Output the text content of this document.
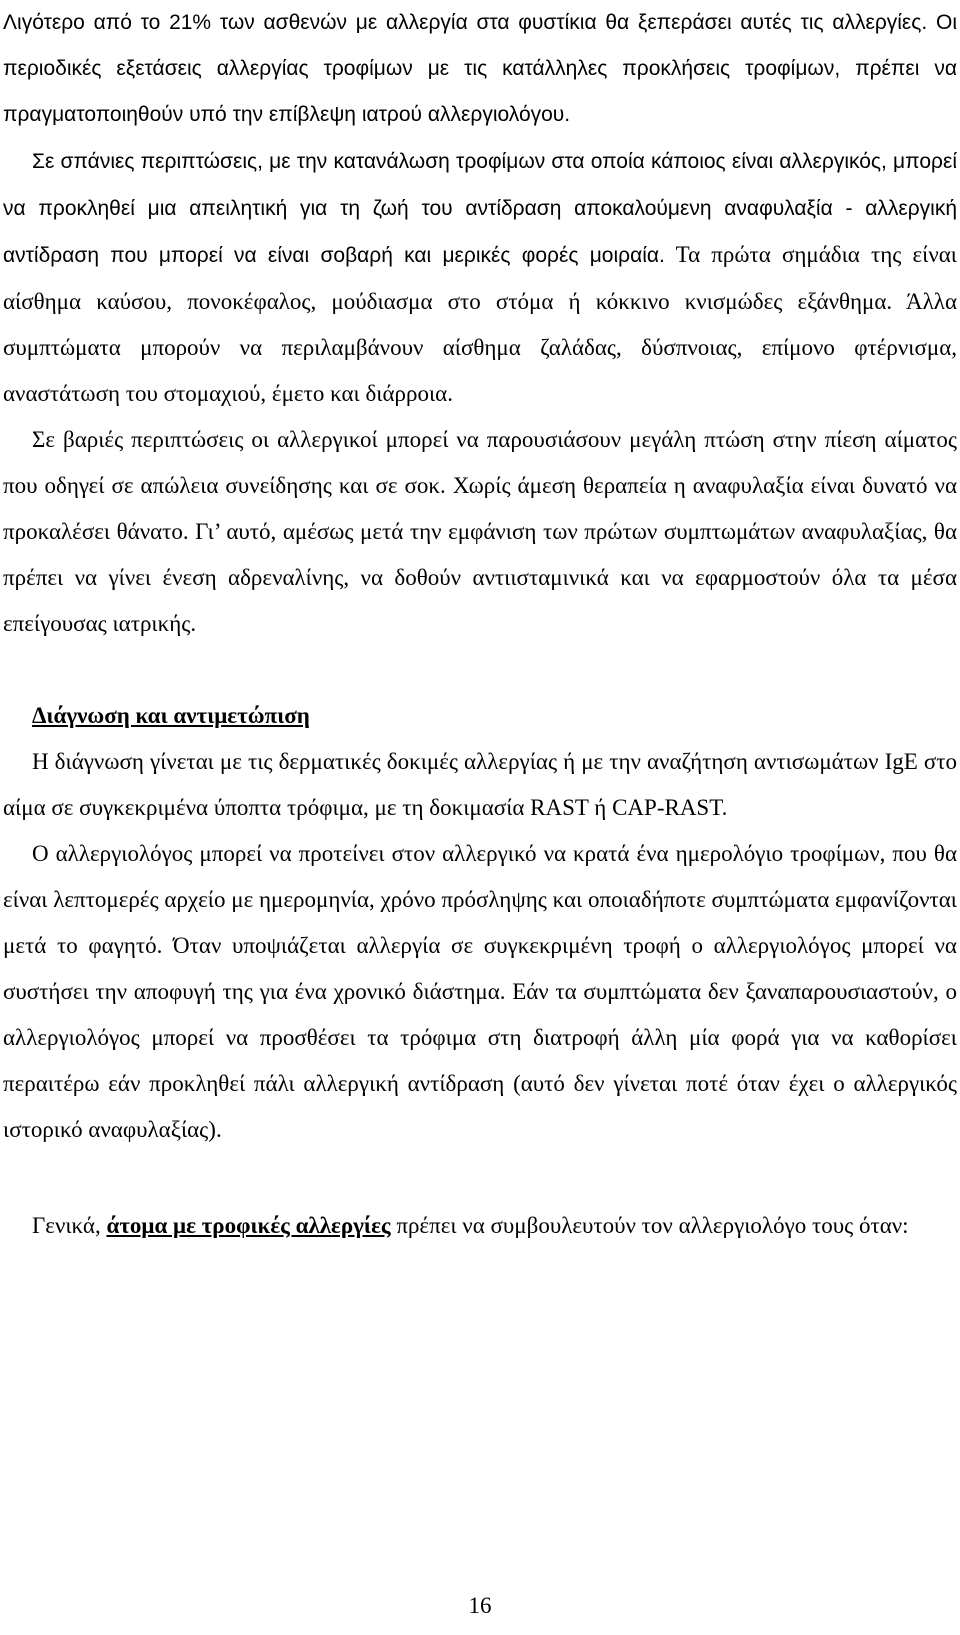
Λιγότερο από το 21% των ασθενών με αλλεργία στα φυστίκια θα ξεπεράσει αυτές τις αλλεργίες. Οι περιοδικές εξετάσεις αλλεργίας τροφίμων με τις κατάλληλες προκλήσεις τροφίμων, πρέπει να πραγματοποιηθούν υπό την επίβλεψη ιατρού αλλεργιολόγου.

Σε σπάνιες περιπτώσεις, με την κατανάλωση τροφίμων στα οποία κάποιος είναι αλλεργικός, μπορεί να προκληθεί μια απειλητική για τη ζωή του αντίδραση αποκαλούμενη αναφυλαξία - αλλεργική αντίδραση που μπορεί να είναι σοβαρή και μερικές φορές μοιραία. Τα πρώτα σημάδια της είναι αίσθημα καύσου, πονοκέφαλος, μούδιασμα στο στόμα ή κόκκινο κνισμώδες εξάνθημα. Άλλα συμπτώματα μπορούν να περιλαμβάνουν αίσθημα ζαλάδας, δύσπνοιας, επίμονο φτέρνισμα, αναστάτωση του στομαχιού, έμετο και διάρροια.

Σε βαριές περιπτώσεις οι αλλεργικοί μπορεί να παρουσιάσουν μεγάλη πτώση στην πίεση αίματος που οδηγεί σε απώλεια συνείδησης και σε σοκ. Χωρίς άμεση θεραπεία η αναφυλαξία είναι δυνατό να προκαλέσει θάνατο. Γι’ αυτό, αμέσως μετά την εμφάνιση των πρώτων συμπτωμάτων αναφυλαξίας, θα πρέπει να γίνει ένεση αδρεναλίνης, να δοθούν αντιισταμινικά και να εφαρμοστούν όλα τα μέσα επείγουσας ιατρικής.

Διάγνωση και αντιμετώπιση

Η διάγνωση γίνεται με τις δερματικές δοκιμές αλλεργίας ή με την αναζήτηση αντισωμάτων IgE στο αίμα σε συγκεκριμένα ύποπτα τρόφιμα, με τη δοκιμασία RAST ή CAP-RAST.

Ο αλλεργιολόγος μπορεί να προτείνει στον αλλεργικό να κρατά ένα ημερολόγιο τροφίμων, που θα είναι λεπτομερές αρχείο με ημερομηνία, χρόνο πρόσληψης και οποιαδήποτε συμπτώματα εμφανίζονται μετά το φαγητό. Όταν υποψιάζεται αλλεργία σε συγκεκριμένη τροφή ο αλλεργιολόγος μπορεί να συστήσει την αποφυγή της για ένα χρονικό διάστημα. Εάν τα συμπτώματα δεν ξαναπαρουσιαστούν, ο αλλεργιολόγος μπορεί να προσθέσει τα τρόφιμα στη διατροφή άλλη μία φορά για να καθορίσει περαιτέρω εάν προκληθεί πάλι αλλεργική αντίδραση (αυτό δεν γίνεται ποτέ όταν έχει ο αλλεργικός ιστορικό αναφυλαξίας).

Γενικά, άτομα με τροφικές αλλεργίες πρέπει να συμβουλευτούν τον αλλεργιολόγο τους όταν:

16
